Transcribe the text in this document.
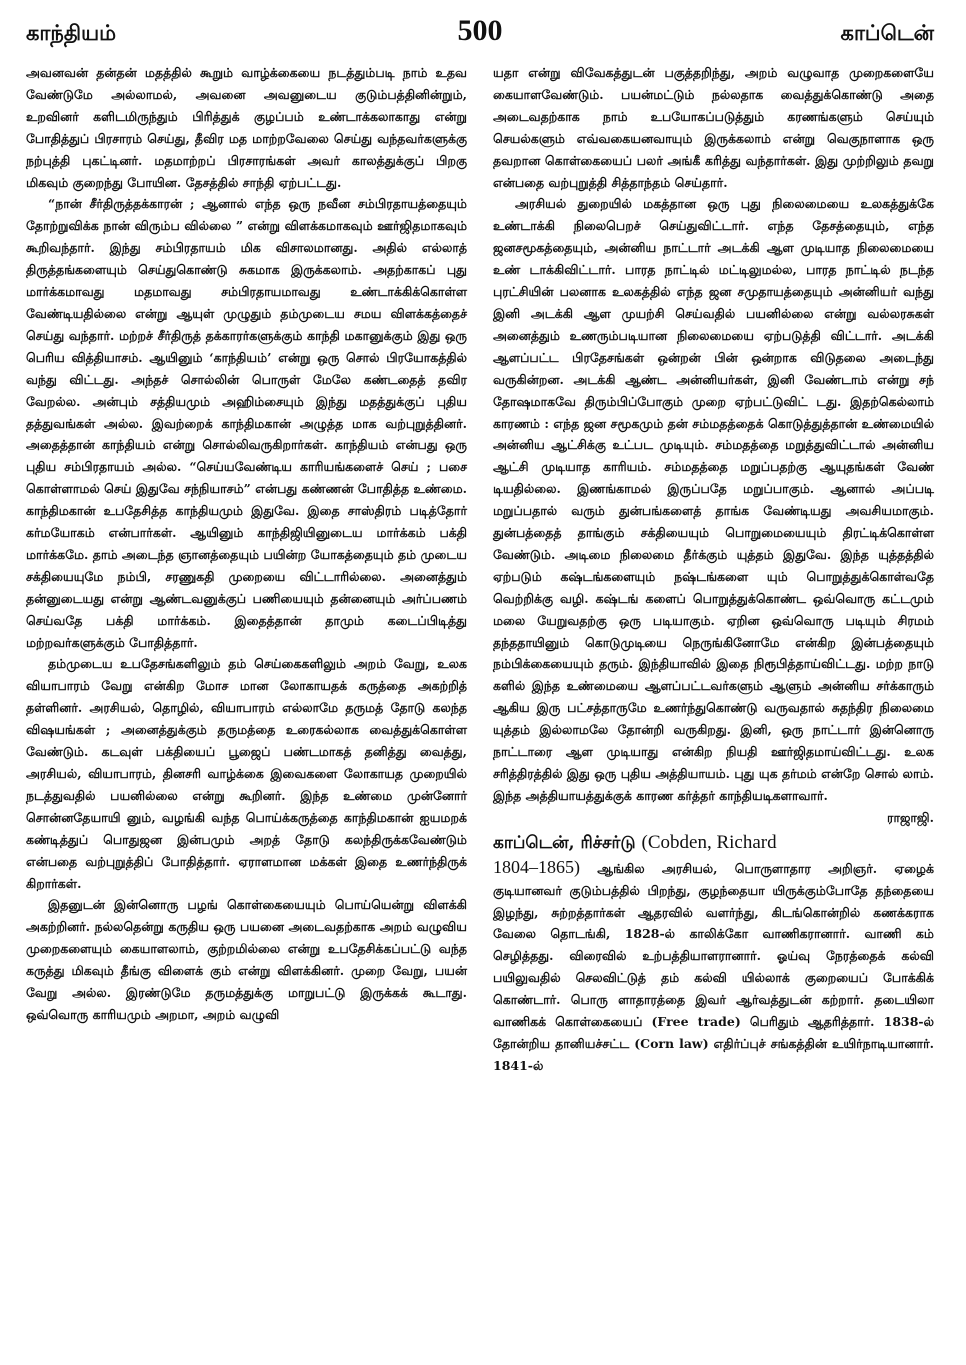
காந்தியம்	500	காப்டென்

அவனவன் தன்தன் மதத்தில் கூறும் வாழ்க்கையை நடத்தும்படி நாம் உதவ வேண்டுமே அல்லாமல், அவனை அவனுடைய குடும்பத்தினின்றும், உறவினர் களிடமிருந்தும் பிரித்துக் குழப்பம் உண்டாக்கலாகாது என்று போதித்துப் பிரசாரம் செய்து, தீவிர மத மாற்றவேலை செய்து வந்தவர்களுக்கு நற்புத்தி புகட்டினர். மதமாற்றப் பிரசாரங்கள் அவர் காலத்துக்குப் பிறகு மிகவும் குறைந்து போயின. தேசத்தில் சாந்தி ஏற்பட்டது.

“நான் சீர்திருத்தக்காரன் ; ஆனால் எந்த ஒரு நவீன சம்பிரதாயத்தையும் தோற்றுவிக்க நான் விரும்ப வில்லை ” என்று விளக்கமாகவும் ஊர்ஜிதமாகவும் கூறிவந்தார். இந்து சம்பிரதாயம் மிக விசாலமானது. அதில் எல்லாத் திருத்தங்களையும் செய்துகொண்டு சுகமாக இருக்கலாம். அதற்காகப் புது மார்க்கமாவது மதமாவது சம்பிரதாயமாவது உண்டாக்கிக்கொள்ள வேண்டியதில்லை என்று ஆயுள் முழுதும் தம்முடைய சமய விளக்கத்தைச் செய்து வந்தார். மற்றச் சீர்திருத் தக்காரர்களுக்கும் காந்தி மகானுக்கும் இது ஒரு பெரிய வித்தியாசம். ஆயினும் ‘காந்தியம்’ என்று ஒரு சொல் பிரயோகத்தில் வந்து விட்டது. அந்தச் சொல்லின் பொருள் மேலே கண்டதைத் தவிர வேறல்ல. அன்பும் சத்தியமும் அஹிம்சையும் இந்து மதத்துக்குப் புதிய தத்துவங்கள் அல்ல. இவற்றைக் காந்திமகான் அழுத்த மாக வற்புறுத்தினர். அதைத்தான் காந்தியம் என்று சொல்லிவருகிறார்கள். காந்தியம் என்பது ஒரு புதிய சம்பிரதாயம் அல்ல. “செய்யவேண்டிய காரியங்களைச் செய் ; பசை கொள்ளாமல் செய் இதுவே சந்நியாசம்” என்பது கண்ணன் போதித்த உண்மை. காந்திமகான் உபதேசித்த காந்தியமும் இதுவே. இதை சாஸ்திரம் படித்தோர் கர்மயோகம் என்பார்கள். ஆயினும் காந்திஜியினுடைய மார்க்கம் பக்தி மார்க்கமே. தாம் அடைந்த ஞானத்தையும் பயின்ற யோகத்தையும் தம் முடைய சக்தியையுமே நம்பி, சரணுகதி முறையை விட்டாரில்லை. அனைத்தும் தன்னுடையது என்று ஆண்டவனுக்குப் பணியையும் தன்னையும் அர்ப்பணம் செய்வதே பக்தி மார்க்கம். இதைத்தான் தாமும் கடைப்பிடித்து மற்றவர்களுக்கும் போதித்தார்.

தம்முடைய உபதேசங்களிலும் தம் செய்கைகளிலும் அறம் வேறு, உலக வியாபாரம் வேறு என்கிற மோச மான லோகாயதக் கருத்தை அகற்றித் தள்ளினர். அரசியல், தொழில், வியாபாரம் எல்லாமே தருமத் தோடு கலந்த விஷயங்கள் ; அனைத்துக்கும் தருமத்தை உரைகல்லாக வைத்துக்கொள்ள வேண்டும். கடவுள் பக்தியைப் பூஜைப் பண்டமாகத் தனித்து வைத்து, அரசியல், வியாபாரம், தினசரி வாழ்க்கை இவைகளை லோகாயத முறையில் நடத்துவதில் பயனில்லை என்று கூறினர். இந்த உண்மை முன்னோர் சொன்னதேயாயி னும், வழங்கி வந்த பொய்க்கருத்தை காந்திமகான் ஐயமறக் கண்டித்துப் பொதுஜன இன்பமும் அறத் தோடு கலந்திருக்கவேண்டும் என்பதை வற்புறுத்திப் போதித்தார். ஏராளமான மக்கள் இதை உணர்ந்திருக் கிறார்கள்.

இதனுடன் இன்னொரு பழங் கொள்கையையும் பொய்யென்று விளக்கி அகற்றினர். நல்லதென்று கருதிய ஒரு பயனை அடைவதற்காக அறம் வழுவிய முறைகளையும் கையாளலாம், குற்றமில்லை என்று உபதேசிக்கப்பட்டு வந்த கருத்து மிகவும் தீங்கு விளைக் கும் என்று விளக்கினர். முறை வேறு, பயன் வேறு அல்ல. இரண்டுமே தருமத்துக்கு மாறுபட்டு இருக்கக் கூடாது. ஒவ்வொரு காரியமும் அறமா, அறம் வழுவி

யதா என்று விவேகத்துடன் பகுத்தறிந்து, அறம் வழுவாத முறைகளையே கையாளவேண்டும். பயன்மட்டும் நல்லதாக வைத்துக்கொண்டு அதை அடைவதற்காக நாம் உபயோகப்படுத்தும் கரணங்களும் செய்யும் செயல்களும் எவ்வகையனவாயும் இருக்கலாம் என்று வெகுநாளாக ஒரு தவறான கொள்கையைப் பலர் அங்கீ கரித்து வந்தார்கள். இது முற்றிலும் தவறு என்பதை வற்புறுத்தி சித்தாந்தம் செய்தார்.

அரசியல் துறையில் மகத்தான ஒரு புது நிலைமையை உலகத்துக்கே உண்டாக்கி நிலைபெறச் செய்துவிட்டார். எந்த தேசத்தையும், எந்த ஜனசமூகத்தையும், அன்னிய நாட்டார் அடக்கி ஆள முடியாத நிலைமையை உண் டாக்கிவிட்டார். பாரத நாட்டில் மட்டிலுமல்ல, பாரத நாட்டில் நடந்த புரட்சியின் பலனாக உலகத்தில் எந்த ஜன சமுதாயத்தையும் அன்னியர் வந்து இனி அடக்கி ஆள முயற்சி செய்வதில் பயனில்லை என்று வல்லரசுகள் அனைத்தும் உணரும்படியான நிலைமையை ஏற்படுத்தி விட்டார். அடக்கி ஆளப்பட்ட பிரதேசங்கள் ஒன்றன் பின் ஒன்றாக விடுதலை அடைந்து வருகின்றன. அடக்கி ஆண்ட அன்னியர்கள், இனி வேண்டாம் என்று சந் தோஷமாகவே திரும்பிப்போகும் முறை ஏற்பட்டுவிட் டது. இதற்கெல்லாம் காரணம் : எந்த ஜன சமூகமும் தன் சம்மதத்தைக் கொடுத்துத்தான் உண்மையில் அன்னிய ஆட்சிக்கு உட்பட முடியும். சம்மதத்தை மறுத்துவிட்டால் அன்னிய ஆட்சி முடியாத காரியம். சம்மதத்தை மறுப்பதற்கு ஆயுதங்கள் வேண் டியதில்லை. இணங்காமல் இருப்பதே மறுப்பாகும். ஆனால் அப்படி மறுப்பதால் வரும் துன்பங்களைத் தாங்க வேண்டியது அவசியமாகும். துன்பத்தைத் தாங்கும் சக்தியையும் பொறுமையையும் திரட்டிக்கொள்ள வேண்டும். அடிமை நிலைமை தீர்க்கும் யுத்தம் இதுவே. இந்த யுத்தத்தில் ஏற்படும் கஷ்டங்களையும் நஷ்டங்களை யும் பொறுத்துக்கொள்வதே வெற்றிக்கு வழி. கஷ்டங் களைப் பொறுத்துக்கொண்ட ஒவ்வொரு கட்டமும் மலை யேறுவதற்கு ஒரு படியாகும். ஏறின ஒவ்வொரு படியும் சிரமம் தந்ததாயினும் கொடுமுடியை நெருங்கினோமே என்கிற இன்பத்தையும் நம்பிக்கையையும் தரும். இந்தியாவில் இதை நிரூபித்தாய்விட்டது. மற்ற நாடு களில் இந்த உண்மையை ஆளப்பட்டவர்களும் ஆளும் அன்னிய சர்க்காரும் ஆகிய இரு பட்சத்தாருமே உணர்ந்துகொண்டு வருவதால் சுதந்திர நிலைமை யுத்தம் இல்லாமலே தோன்றி வருகிறது. இனி, ஒரு நாட்டார் இன்னொரு நாட்டாரை ஆள முடியாது என்கிற நியதி ஊர்ஜிதமாய்விட்டது. உலக சரித்திரத்தில் இது ஒரு புதிய அத்தியாயம். புது யுக தர்மம் என்றே சொல் லாம். இந்த அத்தியாயத்துக்குக் காரண கர்த்தர் காந்தியடிகளாவார்.

ராஜாஜி.
காப்டென், ரிச்சர்டு (Cobden, Richard

1804–1865) ஆங்கில அரசியல், பொருளாதார அறிஞர். ஏழைக் குடியானவர் குடும்பத்தில் பிறந்து, குழந்தையா யிருக்கும்போதே தந்தையை இழந்து, சுற்றத்தார்கள் ஆதரவில் வளர்ந்து, கிடங்கொன்றில் கணக்கராக வேலை தொடங்கி, 1828-ல் காலிக்கோ வாணிகரானார். வாணி கம் செழித்தது. விரைவில் உற்பத்தியாளரானார். ஓய்வு நேரத்தைக் கல்வி பயிலுவதில் செலவிட்டுத் தம் கல்வி யில்லாக் குறையைப் போக்கிக் கொண்டார். பொரு ளாதாரத்தை இவர் ஆர்வத்துடன் கற்றார். தடையிலா வாணிகக் கொள்கையைப் (Free trade) பெரிதும் ஆதரித்தார். 1838-ல் தோன்றிய தானியச்சட்ட (Corn law) எதிர்ப்புச் சங்கத்தின் உயிர்நாடியானார். 1841-ல்
